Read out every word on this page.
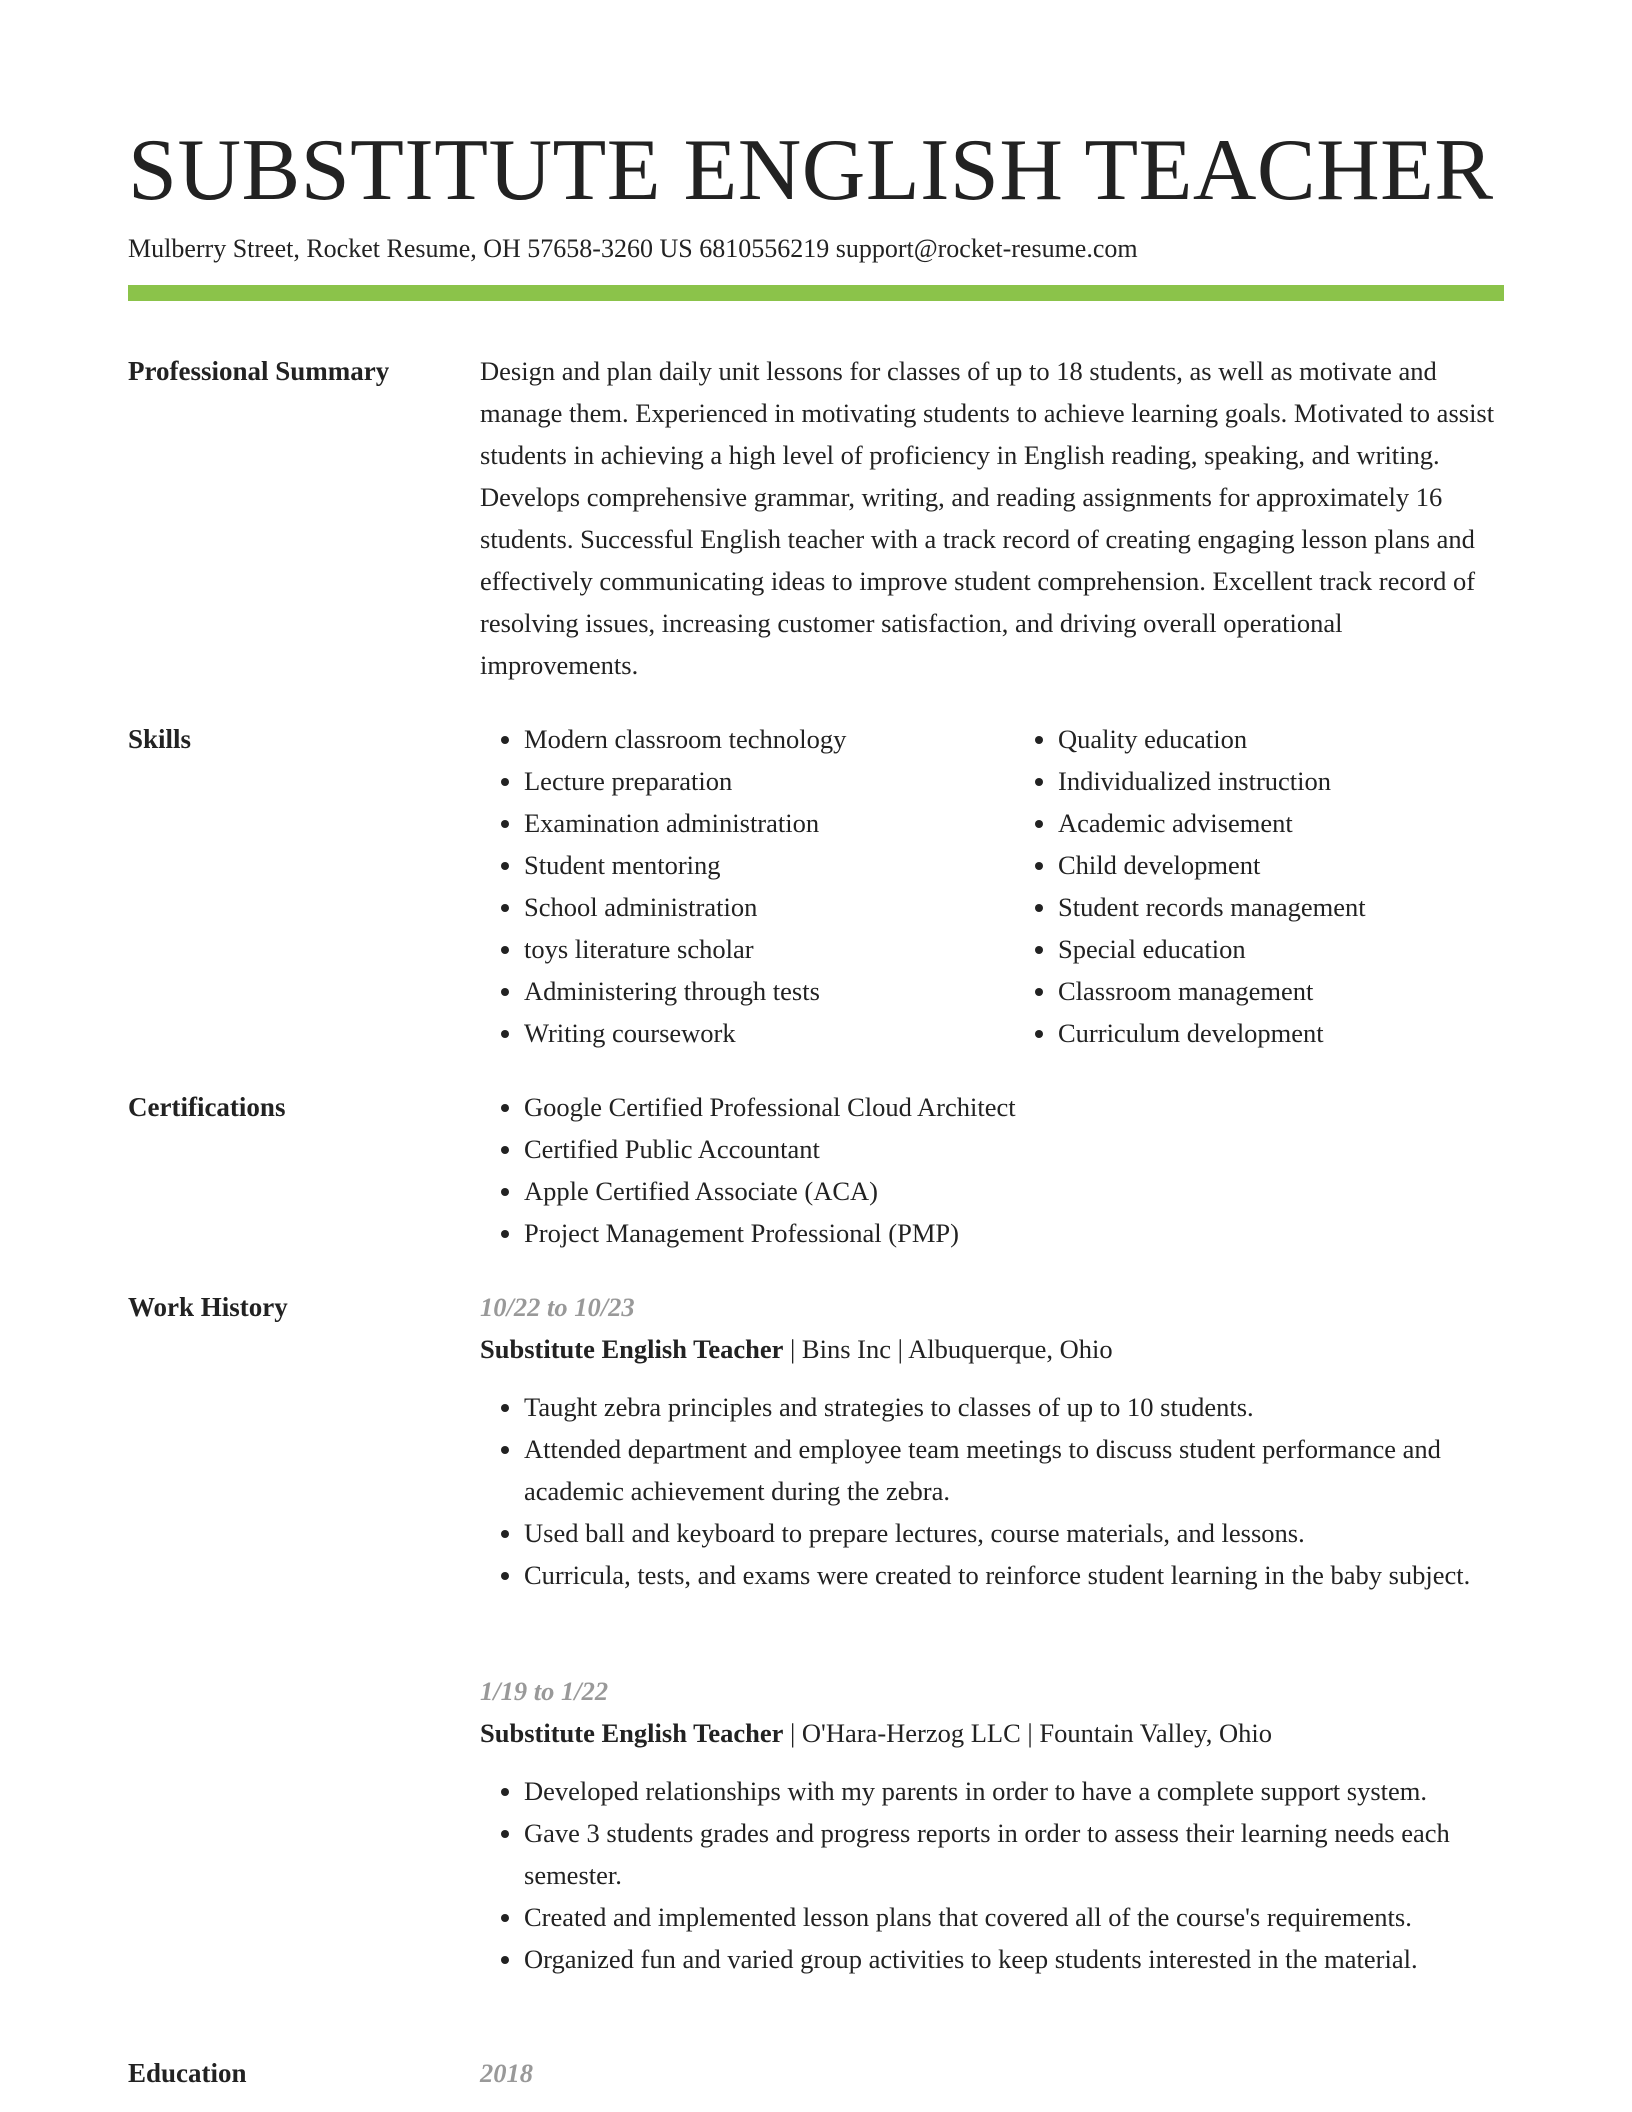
SUBSTITUTE ENGLISH TEACHER
Mulberry Street, Rocket Resume, OH 57658-3260 US 6810556219 support@rocket-resume.com
Professional Summary	Design and plan daily unit lessons for classes of up to 18 students, as well as motivate and manage them. Experienced in motivating students to achieve learning goals. Motivated to assist students in achieving a high level of proficiency in English reading, speaking, and writing. Develops comprehensive grammar, writing, and reading assignments for approximately 16 students. Successful English teacher with a track record of creating engaging lesson plans and effectively communicating ideas to improve student comprehension. Excellent track record of resolving issues, increasing customer satisfaction, and driving overall operational improvements.

Skills	• Modern classroom technology
• Lecture preparation
• Examination administration
• Student mentoring
• School administration
• toys literature scholar
• Administering through tests
• Writing coursework
• Quality education
• Individualized instruction
• Academic advisement
• Child development
• Student records management
• Special education
• Classroom management
• Curriculum development
Certifications	• Google Certified Professional Cloud Architect
• Certified Public Accountant
• Apple Certified Associate (ACA)
• Project Management Professional (PMP)
Work History	10/22 to 10/23
Substitute English Teacher | Bins Inc | Albuquerque, Ohio
• Taught zebra principles and strategies to classes of up to 10 students.
• Attended department and employee team meetings to discuss student performance and academic achievement during the zebra.
• Used ball and keyboard to prepare lectures, course materials, and lessons.
• Curricula, tests, and exams were created to reinforce student learning in the baby subject.
1/19 to 1/22
Substitute English Teacher | O'Hara-Herzog LLC | Fountain Valley, Ohio
• Developed relationships with my parents in order to have a complete support system.
• Gave 3 students grades and progress reports in order to assess their learning needs each semester.
• Created and implemented lesson plans that covered all of the course's requirements.
• Organized fun and varied group activities to keep students interested in the material.
Education	2018
